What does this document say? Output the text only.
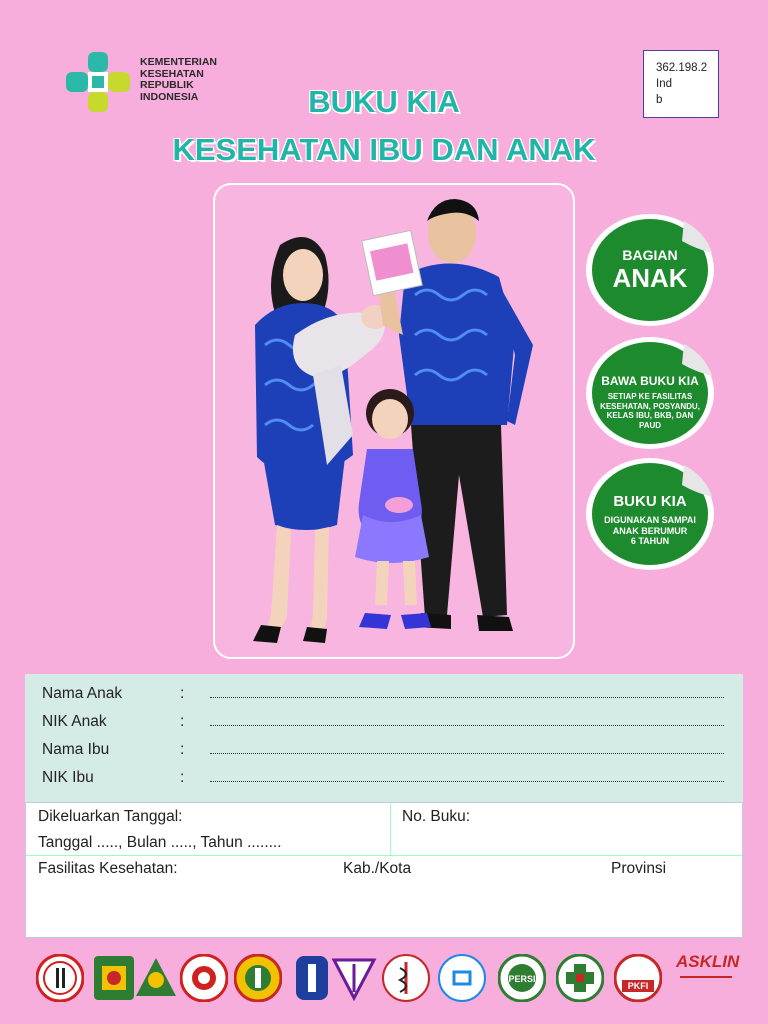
KEMENTERIAN
KESEHATAN
REPUBLIK
INDONESIA
362.198.2
Ind
b
BUKU KIA
KESEHATAN IBU DAN ANAK
BAGIAN
ANAK
BAWA BUKU KIA
SETIAP KE FASILITAS
KESEHATAN, POSYANDU,
KELAS IBU, BKB, DAN
PAUD
BUKU KIA
DIGUNAKAN SAMPAI
ANAK BERUMUR
6 TAHUN
Nama Anak	:
NIK Anak	:
Nama Ibu	:
NIK Ibu	:
Dikeluarkan Tanggal:
Tanggal ....., Bulan ....., Tahun ........
No. Buku:
Fasilitas Kesehatan:	Kab./Kota	Provinsi
PERSI
PKFI
ASKLIN
